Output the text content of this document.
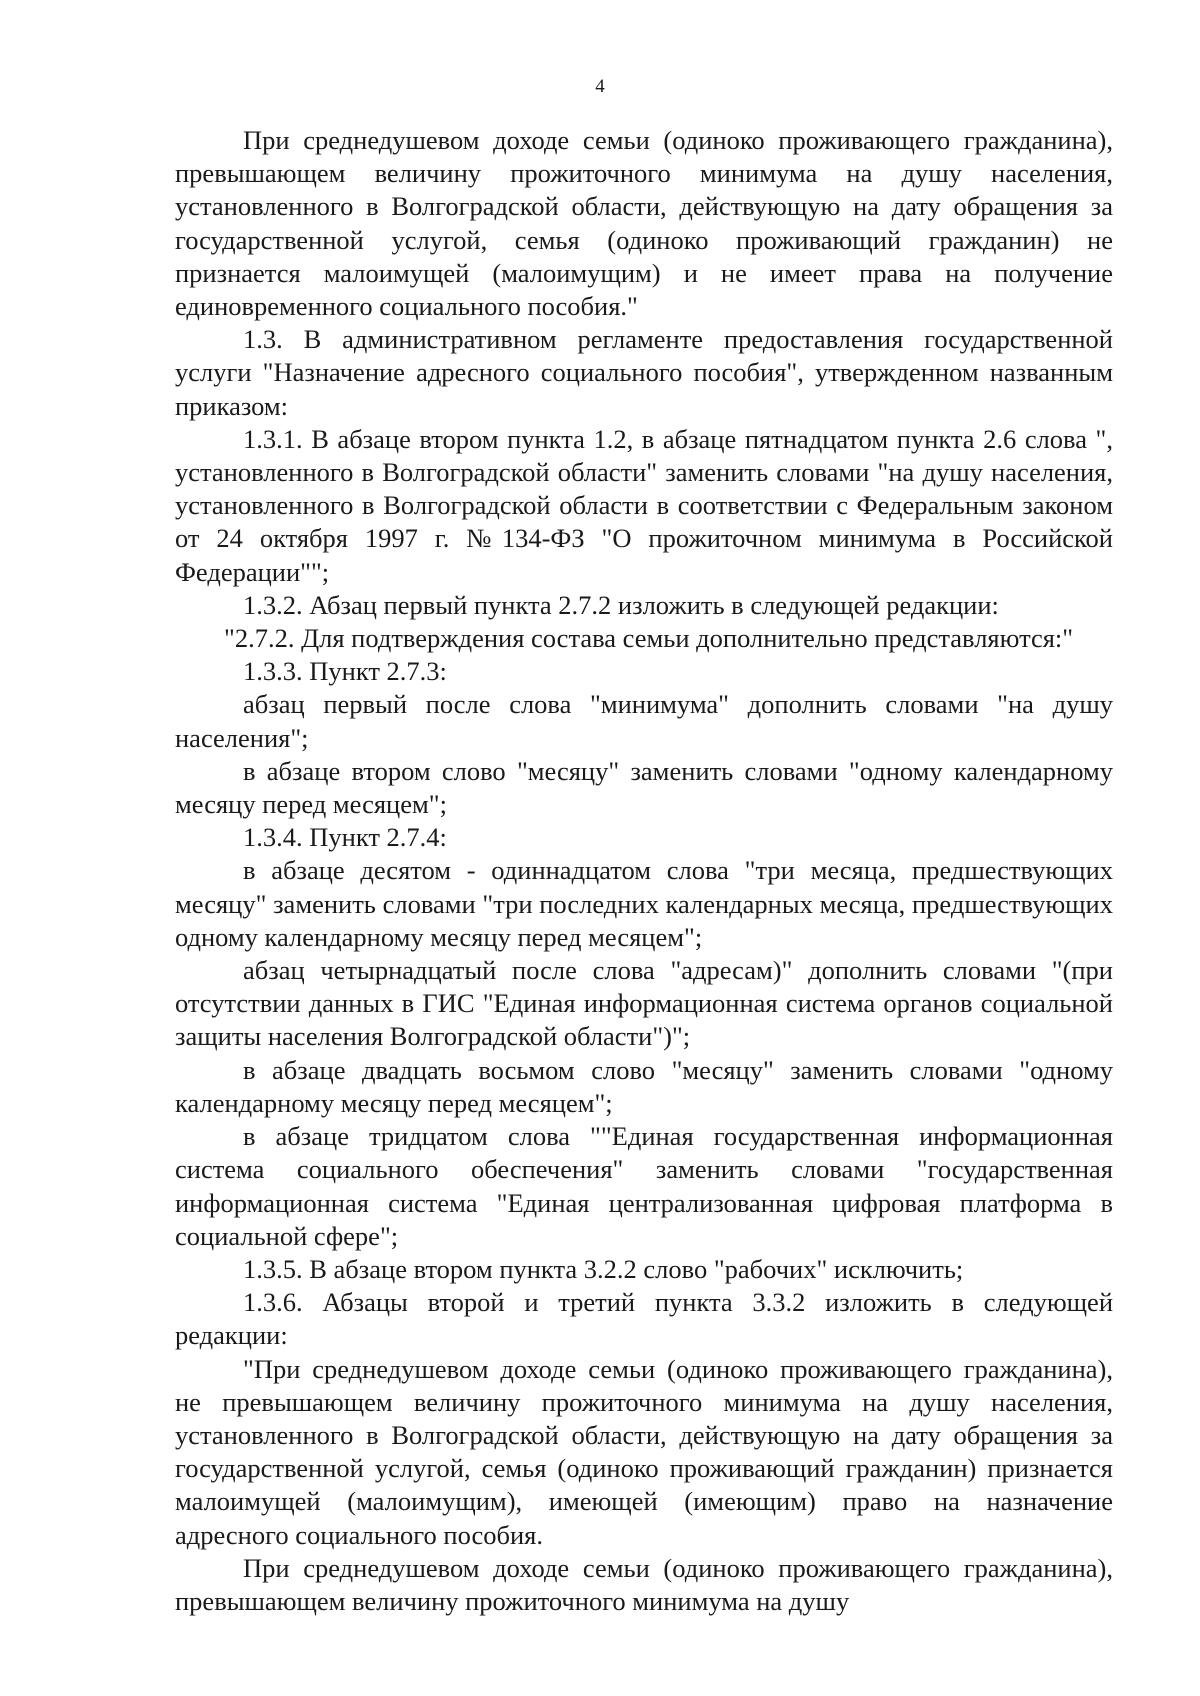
4

При среднедушевом доходе семьи (одиноко проживающего гражданина), превышающем величину прожиточного минимума на душу населения, установленного в Волгоградской области, действующую на дату обращения за государственной услугой, семья (одиноко проживающий гражданин) не признается малоимущей (малоимущим) и не имеет права на получение единовременного социального пособия."

1.3. В административном регламенте предоставления государственной услуги "Назначение адресного социального пособия", утвержденном названным приказом:

1.3.1. В абзаце втором пункта 1.2, в абзаце пятнадцатом пункта 2.6 слова ", установленного в Волгоградской области" заменить словами "на душу населения, установленного в Волгоградской области в соответствии с Федеральным законом от 24 октября 1997 г. №134-ФЗ "О прожиточном минимума в Российской Федерации"";

1.3.2. Абзац первый пункта 2.7.2 изложить в следующей редакции:

"2.7.2. Для подтверждения состава семьи дополнительно представляются:"

1.3.3. Пункт 2.7.3:

абзац первый после слова "минимума" дополнить словами "на душу населения";

в абзаце втором слово "месяцу" заменить словами "одному календарному месяцу перед месяцем";

1.3.4. Пункт 2.7.4:

в абзаце десятом - одиннадцатом слова "три месяца, предшествующих месяцу" заменить словами "три последних календарных месяца, предшествующих одному календарному месяцу перед месяцем";

абзац четырнадцатый после слова "адресам)" дополнить словами "(при отсутствии данных в ГИС "Единая информационная система органов социальной защиты населения Волгоградской области")";

в абзаце двадцать восьмом слово "месяцу" заменить словами "одному календарному месяцу перед месяцем";

в абзаце тридцатом слова ""Единая государственная информационная система социального обеспечения" заменить словами "государственная информационная система "Единая централизованная цифровая платформа в социальной сфере";

1.3.5. В абзаце втором пункта 3.2.2 слово "рабочих" исключить;

1.3.6. Абзацы второй и третий пункта 3.3.2 изложить в следующей редакции:

"При среднедушевом доходе семьи (одиноко проживающего гражданина), не превышающем величину прожиточного минимума на душу населения, установленного в Волгоградской области, действующую на дату обращения за государственной услугой, семья (одиноко проживающий гражданин) признается малоимущей (малоимущим), имеющей (имеющим) право на назначение адресного социального пособия.

При среднедушевом доходе семьи (одиноко проживающего гражданина), превышающем величину прожиточного минимума на душу
